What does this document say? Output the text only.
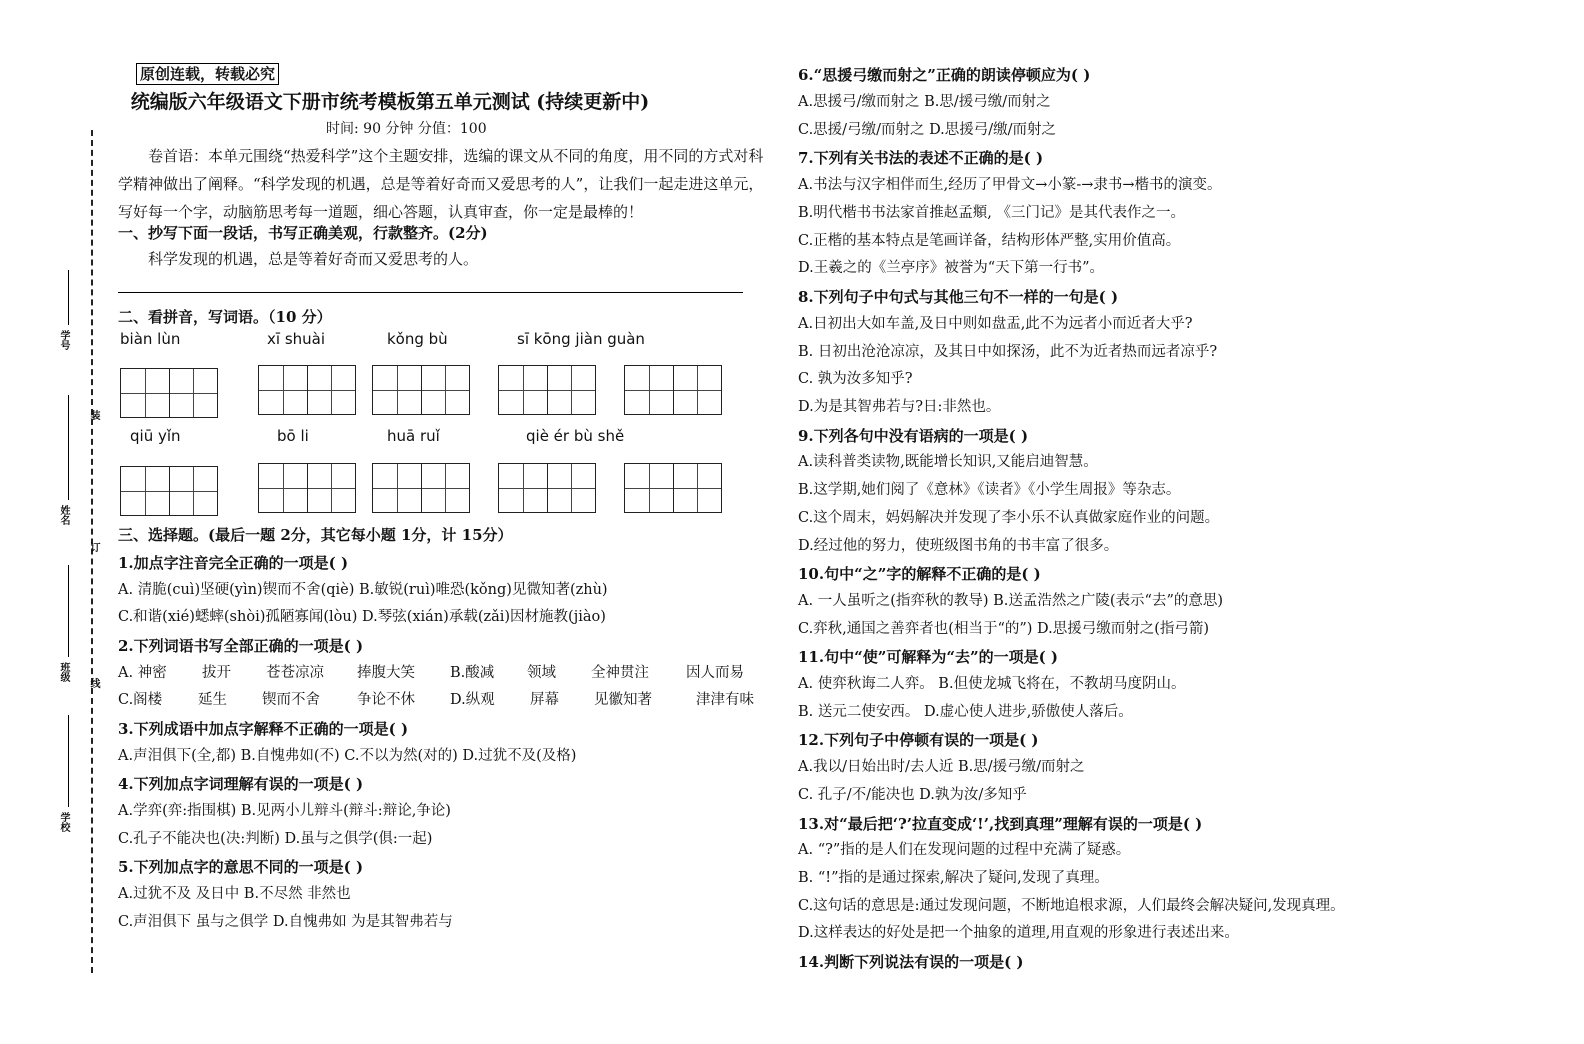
学号
姓名
班级
学校
装
订
线
原创连载，转载必究
统编版六年级语文下册市统考模板第五单元测试 (持续更新中)
时间: 90 分钟 分值：100
卷首语：本单元围绕“热爱科学”这个主题安排，选编的课文从不同的角度，用不同的方式对科学精神做出了阐释。“科学发现的机遇，总是等着好奇而又爱思考的人”，让我们一起走进这单元，写好每一个字，动脑筋思考每一道题，细心答题，认真审查，你一定是最棒的！
一、抄写下面一段话，书写正确美观，行款整齐。(2分)
科学发现的机遇，总是等着好奇而又爱思考的人。
二、看拼音，写词语。（10 分）
biàn lùn	xī shuài	kǒng bù	sī kōng jiàn guàn
qiū yǐn	bō li	huā ruǐ	qiè ér bù shě
三、选择题。(最后一题 2分，其它每小题 1分，计 15分）
1.加点字注音完全正确的一项是( )
A. 清脆(cuì)坚硬(yìn)锲而不舍(qiè) B.敏锐(ruì)唯恐(kǒng)见微知著(zhù)
C.和谐(xié)蟋蟀(shòi)孤陋寡闻(lòu) D.琴弦(xián)承载(zǎi)因材施教(jiào)
2.下列词语书写全部正确的一项是( )
A. 神密 拔开 苍苍凉凉 捧腹大笑 B.酸减 领域 全神贯注	因人而易
C.阁楼 延生 锲而不舍	争论不休 D.纵观 屏幕 见徽知著	津津有味
3.下列成语中加点字解释不正确的一项是( )
A.声泪俱下(全,都) B.自愧弗如(不) C.不以为然(对的) D.过犹不及(及格)
4.下列加点字词理解有误的一项是( )
A.学弈(弈:指围棋) B.见两小儿辩斗(辩斗:辩论,争论)
C.孔子不能决也(决:判断) D.虽与之俱学(俱:一起)
5.下列加点字的意思不同的一项是( )
A.过犹不及 及日中 B.不尽然 非然也
C.声泪俱下 虽与之俱学 D.自愧弗如 为是其智弗若与
6.“思援弓缴而射之”正确的朗读停顿应为( )
A.思援弓/缴而射之 B.思/援弓缴/而射之
C.思援/弓缴/而射之 D.思援弓/缴/而射之
7.下列有关书法的表述不正确的是( )
A.书法与汉字相伴而生,经历了甲骨文→小篆-→隶书→楷书的演变。
B.明代楷书书法家首推赵孟頫, 《三门记》是其代表作之一。
C.正楷的基本特点是笔画详备，结构形体严整,实用价值高。
D.王羲之的《兰亭序》被誉为“天下第一行书”。
8.下列句子中句式与其他三句不一样的一句是( )
A.日初出大如车盖,及日中则如盘盂,此不为远者小而近者大乎?
B. 日初出沧沧凉凉，及其日中如探汤，此不为近者热而远者凉乎?
C. 孰为汝多知乎?
D.为是其智弗若与?日:非然也。
9.下列各句中没有语病的一项是( )
A.读科普类读物,既能增长知识,又能启迪智慧。
B.这学期,她们阅了《意林》《读者》《小学生周报》等杂志。
C.这个周末，妈妈解决并发现了李小乐不认真做家庭作业的问题。
D.经过他的努力，使班级图书角的书丰富了很多。
10.句中“之”字的解释不正确的是( )
A. 一人虽听之(指弈秋的教导) B.送孟浩然之广陵(表示“去”的意思)
C.弈秋,通国之善弈者也(相当于“的”) D.思援弓缴而射之(指弓箭)
11.句中“使”可解释为“去”的一项是( )
A. 使弈秋诲二人弈。 B.但使龙城飞将在，不教胡马度阴山。
B. 送元二使安西。 D.虚心使人进步,骄傲使人落后。
12.下列句子中停顿有误的一项是( )
A.我以/日始出时/去人近 B.思/援弓缴/而射之
C. 孔子/不/能决也 D.孰为汝/多知乎
13.对“最后把‘?’拉直变成‘!’,找到真理”理解有误的一项是( )
A. “?”指的是人们在发现问题的过程中充满了疑惑。
B. “!”指的是通过探索,解决了疑问,发现了真理。
C.这句话的意思是:通过发现问题，不断地追根求源，人们最终会解决疑问,发现真理。
D.这样表达的好处是把一个抽象的道理,用直观的形象进行表述出来。
14.判断下列说法有误的一项是( )
